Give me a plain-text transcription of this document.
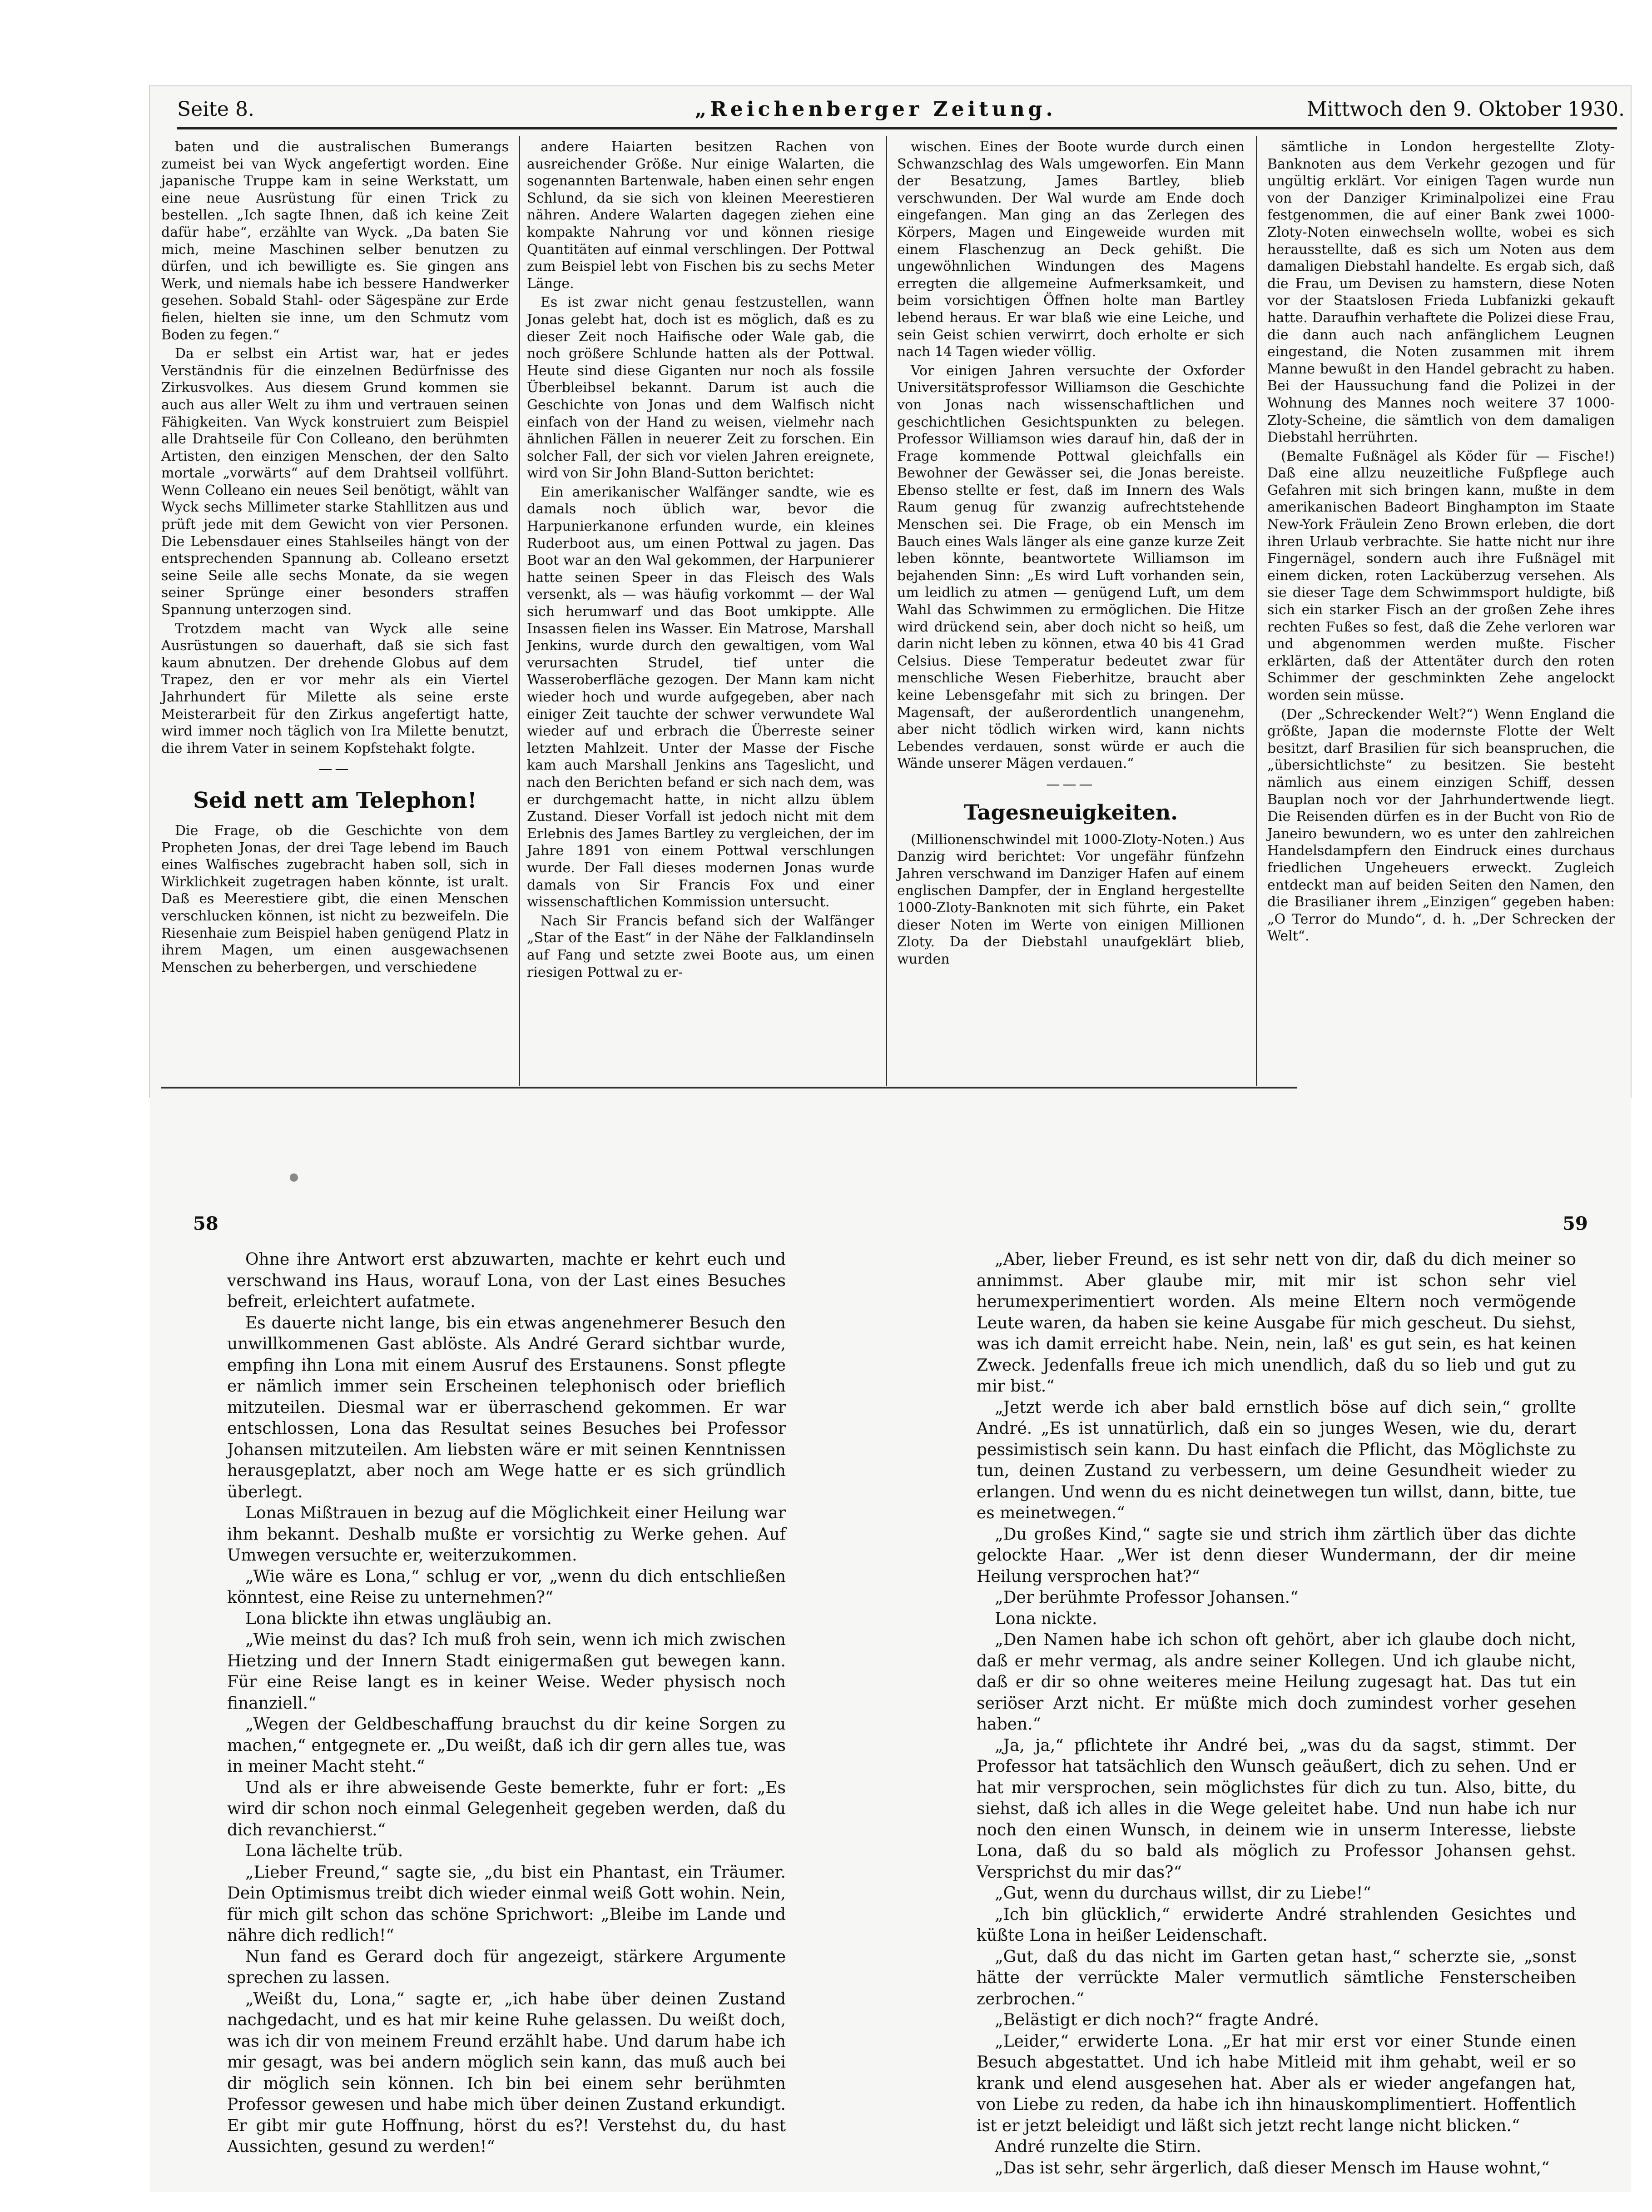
Seite 8.	„Reichenberger Zeitung.	Mittwoch den 9. Oktober 1930.

baten und die australischen Bumerangs zumeist bei van Wyck angefertigt worden. Eine japanische Truppe kam in seine Werkstatt, um eine neue Ausrüstung für einen Trick zu bestellen. „Ich sagte Ihnen, daß ich keine Zeit dafür habe“, erzählte van Wyck. „Da baten Sie mich, meine Maschinen selber benutzen zu dürfen, und ich bewilligte es. Sie gingen ans Werk, und niemals habe ich bessere Handwerker gesehen. Sobald Stahl- oder Sägespäne zur Erde fielen, hielten sie inne, um den Schmutz vom Boden zu fegen.“

Da er selbst ein Artist war, hat er jedes Verständnis für die einzelnen Bedürfnisse des Zirkusvolkes. Aus diesem Grund kommen sie auch aus aller Welt zu ihm und vertrauen seinen Fähigkeiten. Van Wyck konstruiert zum Beispiel alle Drahtseile für Con Colleano, den berühmten Artisten, den einzigen Menschen, der den Salto mortale „vorwärts“ auf dem Drahtseil vollführt. Wenn Colleano ein neues Seil benötigt, wählt van Wyck sechs Millimeter starke Stahllitzen aus und prüft jede mit dem Gewicht von vier Personen. Die Lebensdauer eines Stahlseiles hängt von der entsprechenden Spannung ab. Colleano ersetzt seine Seile alle sechs Monate, da sie wegen seiner Sprünge einer besonders straffen Spannung unterzogen sind.

Trotzdem macht van Wyck alle seine Ausrüstungen so dauerhaft, daß sie sich fast kaum abnutzen. Der drehende Globus auf dem Trapez, den er vor mehr als ein Viertel Jahrhundert für Milette als seine erste Meisterarbeit für den Zirkus angefertigt hatte, wird immer noch täglich von Ira Milette benutzt, die ihrem Vater in seinem Kopfstehakt folgte.

——

Seid nett am Telephon!

Die Frage, ob die Geschichte von dem Propheten Jonas, der drei Tage lebend im Bauch eines Walfisches zugebracht haben soll, sich in Wirklichkeit zugetragen haben könnte, ist uralt. Daß es Meerestiere gibt, die einen Menschen verschlucken können, ist nicht zu bezweifeln. Die Riesenhaie zum Beispiel haben genügend Platz in ihrem Magen, um einen ausgewachsenen Menschen zu beherbergen, und verschiedene

andere Haiarten besitzen Rachen von ausreichender Größe. Nur einige Walarten, die sogenannten Bartenwale, haben einen sehr engen Schlund, da sie sich von kleinen Meerestieren nähren. Andere Walarten dagegen ziehen eine kompakte Nahrung vor und können riesige Quantitäten auf einmal verschlingen. Der Pottwal zum Beispiel lebt von Fischen bis zu sechs Meter Länge.

Es ist zwar nicht genau festzustellen, wann Jonas gelebt hat, doch ist es möglich, daß es zu dieser Zeit noch Haifische oder Wale gab, die noch größere Schlunde hatten als der Pottwal. Heute sind diese Giganten nur noch als fossile Überbleibsel bekannt. Darum ist auch die Geschichte von Jonas und dem Walfisch nicht einfach von der Hand zu weisen, vielmehr nach ähnlichen Fällen in neuerer Zeit zu forschen. Ein solcher Fall, der sich vor vielen Jahren ereignete, wird von Sir John Bland-Sutton berichtet:

Ein amerikanischer Walfänger sandte, wie es damals noch üblich war, bevor die Harpunierkanone erfunden wurde, ein kleines Ruderboot aus, um einen Pottwal zu jagen. Das Boot war an den Wal gekommen, der Harpunierer hatte seinen Speer in das Fleisch des Wals versenkt, als — was häufig vorkommt — der Wal sich herumwarf und das Boot umkippte. Alle Insassen fielen ins Wasser. Ein Matrose, Marshall Jenkins, wurde durch den gewaltigen, vom Wal verursachten Strudel, tief unter die Wasseroberfläche gezogen. Der Mann kam nicht wieder hoch und wurde aufgegeben, aber nach einiger Zeit tauchte der schwer verwundete Wal wieder auf und erbrach die Überreste seiner letzten Mahlzeit. Unter der Masse der Fische kam auch Marshall Jenkins ans Tageslicht, und nach den Berichten befand er sich nach dem, was er durchgemacht hatte, in nicht allzu üblem Zustand. Dieser Vorfall ist jedoch nicht mit dem Erlebnis des James Bartley zu vergleichen, der im Jahre 1891 von einem Pottwal verschlungen wurde. Der Fall dieses modernen Jonas wurde damals von Sir Francis Fox und einer wissenschaftlichen Kommission untersucht.

Nach Sir Francis befand sich der Walfänger „Star of the East“ in der Nähe der Falklandinseln auf Fang und setzte zwei Boote aus, um einen riesigen Pottwal zu er-

wischen. Eines der Boote wurde durch einen Schwanzschlag des Wals umgeworfen. Ein Mann der Besatzung, James Bartley, blieb verschwunden. Der Wal wurde am Ende doch eingefangen. Man ging an das Zerlegen des Körpers, Magen und Eingeweide wurden mit einem Flaschenzug an Deck gehißt. Die ungewöhnlichen Windungen des Magens erregten die allgemeine Aufmerksamkeit, und beim vorsichtigen Öffnen holte man Bartley lebend heraus. Er war blaß wie eine Leiche, und sein Geist schien verwirrt, doch erholte er sich nach 14 Tagen wieder völlig.

Vor einigen Jahren versuchte der Oxforder Universitätsprofessor Williamson die Geschichte von Jonas nach wissenschaftlichen und geschichtlichen Gesichtspunkten zu belegen. Professor Williamson wies darauf hin, daß der in Frage kommende Pottwal gleichfalls ein Bewohner der Gewässer sei, die Jonas bereiste. Ebenso stellte er fest, daß im Innern des Wals Raum genug für zwanzig aufrechtstehende Menschen sei. Die Frage, ob ein Mensch im Bauch eines Wals länger als eine ganze kurze Zeit leben könnte, beantwortete Williamson im bejahenden Sinn: „Es wird Luft vorhanden sein, um leidlich zu atmen — genügend Luft, um dem Wahl das Schwimmen zu ermöglichen. Die Hitze wird drückend sein, aber doch nicht so heiß, um darin nicht leben zu können, etwa 40 bis 41 Grad Celsius. Diese Temperatur bedeutet zwar für menschliche Wesen Fieberhitze, braucht aber keine Lebensgefahr mit sich zu bringen. Der Magensaft, der außerordentlich unangenehm, aber nicht tödlich wirken wird, kann nichts Lebendes verdauen, sonst würde er auch die Wände unserer Mägen verdauen.“

———

Tagesneuigkeiten.

(Millionenschwindel mit 1000-Zloty-Noten.) Aus Danzig wird berichtet: Vor ungefähr fünfzehn Jahren verschwand im Danziger Hafen auf einem englischen Dampfer, der in England hergestellte 1000-Zloty-Banknoten mit sich führte, ein Paket dieser Noten im Werte von einigen Millionen Zloty. Da der Diebstahl unaufgeklärt blieb, wurden

sämtliche in London hergestellte Zloty-Banknoten aus dem Verkehr gezogen und für ungültig erklärt. Vor einigen Tagen wurde nun von der Danziger Kriminalpolizei eine Frau festgenommen, die auf einer Bank zwei 1000-Zloty-Noten einwechseln wollte, wobei es sich herausstellte, daß es sich um Noten aus dem damaligen Diebstahl handelte. Es ergab sich, daß die Frau, um Devisen zu hamstern, diese Noten vor der Staatslosen Frieda Lubfanizki gekauft hatte. Daraufhin verhaftete die Polizei diese Frau, die dann auch nach anfänglichem Leugnen eingestand, die Noten zusammen mit ihrem Manne bewußt in den Handel gebracht zu haben. Bei der Haussuchung fand die Polizei in der Wohnung des Mannes noch weitere 37 1000-Zloty-Scheine, die sämtlich von dem damaligen Diebstahl herrührten.

(Bemalte Fußnägel als Köder für — Fische!) Daß eine allzu neuzeitliche Fußpflege auch Gefahren mit sich bringen kann, mußte in dem amerikanischen Badeort Binghampton im Staate New-York Fräulein Zeno Brown erleben, die dort ihren Urlaub verbrachte. Sie hatte nicht nur ihre Fingernägel, sondern auch ihre Fußnägel mit einem dicken, roten Lacküberzug versehen. Als sie dieser Tage dem Schwimmsport huldigte, biß sich ein starker Fisch an der großen Zehe ihres rechten Fußes so fest, daß die Zehe verloren war und abgenommen werden mußte. Fischer erklärten, daß der Attentäter durch den roten Schimmer der geschminkten Zehe angelockt worden sein müsse.

(Der „Schreckender Welt?“) Wenn England die größte, Japan die modernste Flotte der Welt besitzt, darf Brasilien für sich beanspruchen, die „übersichtlichste“ zu besitzen. Sie besteht nämlich aus einem einzigen Schiff, dessen Bauplan noch vor der Jahrhundertwende liegt. Die Reisenden dürfen es in der Bucht von Rio de Janeiro bewundern, wo es unter den zahlreichen Handelsdampfern den Eindruck eines durchaus friedlichen Ungeheuers erweckt. Zugleich entdeckt man auf beiden Seiten den Namen, den die Brasilianer ihrem „Einzigen“ gegeben haben: „O Terror do Mundo“, d. h. „Der Schrecken der Welt“.

58	59

Ohne ihre Antwort erst abzuwarten, machte er kehrt euch und verschwand ins Haus, worauf Lona, von der Last eines Besuches befreit, erleichtert aufatmete.

Es dauerte nicht lange, bis ein etwas angenehmerer Besuch den unwillkommenen Gast ablöste. Als André Gerard sichtbar wurde, empfing ihn Lona mit einem Ausruf des Erstaunens. Sonst pflegte er nämlich immer sein Erscheinen telephonisch oder brieflich mitzuteilen. Diesmal war er überraschend gekommen. Er war entschlossen, Lona das Resultat seines Besuches bei Professor Johansen mitzuteilen. Am liebsten wäre er mit seinen Kenntnissen herausgeplatzt, aber noch am Wege hatte er es sich gründlich überlegt.

Lonas Mißtrauen in bezug auf die Möglichkeit einer Heilung war ihm bekannt. Deshalb mußte er vorsichtig zu Werke gehen. Auf Umwegen versuchte er, weiterzukommen.

„Wie wäre es Lona,“ schlug er vor, „wenn du dich entschließen könntest, eine Reise zu unternehmen?“

Lona blickte ihn etwas ungläubig an.

„Wie meinst du das? Ich muß froh sein, wenn ich mich zwischen Hietzing und der Innern Stadt einigermaßen gut bewegen kann. Für eine Reise langt es in keiner Weise. Weder physisch noch finanziell.“

„Wegen der Geldbeschaffung brauchst du dir keine Sorgen zu machen,“ entgegnete er. „Du weißt, daß ich dir gern alles tue, was in meiner Macht steht.“

Und als er ihre abweisende Geste bemerkte, fuhr er fort: „Es wird dir schon noch einmal Gelegenheit gegeben werden, daß du dich revanchierst.“

Lona lächelte trüb.

„Lieber Freund,“ sagte sie, „du bist ein Phantast, ein Träumer. Dein Optimismus treibt dich wieder einmal weiß Gott wohin. Nein, für mich gilt schon das schöne Sprichwort: „Bleibe im Lande und nähre dich redlich!“

Nun fand es Gerard doch für angezeigt, stärkere Argumente sprechen zu lassen.

„Weißt du, Lona,“ sagte er, „ich habe über deinen Zustand nachgedacht, und es hat mir keine Ruhe gelassen. Du weißt doch, was ich dir von meinem Freund erzählt habe. Und darum habe ich mir gesagt, was bei andern möglich sein kann, das muß auch bei dir möglich sein können. Ich bin bei einem sehr berühmten Professor gewesen und habe mich über deinen Zustand erkundigt. Er gibt mir gute Hoffnung, hörst du es?! Verstehst du, du hast Aussichten, gesund zu werden!“

„Aber, lieber Freund, es ist sehr nett von dir, daß du dich meiner so annimmst. Aber glaube mir, mit mir ist schon sehr viel herumexperimentiert worden. Als meine Eltern noch vermögende Leute waren, da haben sie keine Ausgabe für mich gescheut. Du siehst, was ich damit erreicht habe. Nein, nein, laß' es gut sein, es hat keinen Zweck. Jedenfalls freue ich mich unendlich, daß du so lieb und gut zu mir bist.“

„Jetzt werde ich aber bald ernstlich böse auf dich sein,“ grollte André. „Es ist unnatürlich, daß ein so junges Wesen, wie du, derart pessimistisch sein kann. Du hast einfach die Pflicht, das Möglichste zu tun, deinen Zustand zu verbessern, um deine Gesundheit wieder zu erlangen. Und wenn du es nicht deinetwegen tun willst, dann, bitte, tue es meinetwegen.“

„Du großes Kind,“ sagte sie und strich ihm zärtlich über das dichte gelockte Haar. „Wer ist denn dieser Wundermann, der dir meine Heilung versprochen hat?“

„Der berühmte Professor Johansen.“

Lona nickte.

„Den Namen habe ich schon oft gehört, aber ich glaube doch nicht, daß er mehr vermag, als andre seiner Kollegen. Und ich glaube nicht, daß er dir so ohne weiteres meine Heilung zugesagt hat. Das tut ein seriöser Arzt nicht. Er müßte mich doch zumindest vorher gesehen haben.“

„Ja, ja,“ pflichtete ihr André bei, „was du da sagst, stimmt. Der Professor hat tatsächlich den Wunsch geäußert, dich zu sehen. Und er hat mir versprochen, sein möglichstes für dich zu tun. Also, bitte, du siehst, daß ich alles in die Wege geleitet habe. Und nun habe ich nur noch den einen Wunsch, in deinem wie in unserm Interesse, liebste Lona, daß du so bald als möglich zu Professor Johansen gehst. Versprichst du mir das?“

„Gut, wenn du durchaus willst, dir zu Liebe!“

„Ich bin glücklich,“ erwiderte André strahlenden Gesichtes und küßte Lona in heißer Leidenschaft.

„Gut, daß du das nicht im Garten getan hast,“ scherzte sie, „sonst hätte der verrückte Maler vermutlich sämtliche Fensterscheiben zerbrochen.“

„Belästigt er dich noch?“ fragte André.

„Leider,“ erwiderte Lona. „Er hat mir erst vor einer Stunde einen Besuch abgestattet. Und ich habe Mitleid mit ihm gehabt, weil er so krank und elend ausgesehen hat. Aber als er wieder angefangen hat, von Liebe zu reden, da habe ich ihn hinauskomplimentiert. Hoffentlich ist er jetzt beleidigt und läßt sich jetzt recht lange nicht blicken.“

André runzelte die Stirn.

„Das ist sehr, sehr ärgerlich, daß dieser Mensch im Hause wohnt,“
